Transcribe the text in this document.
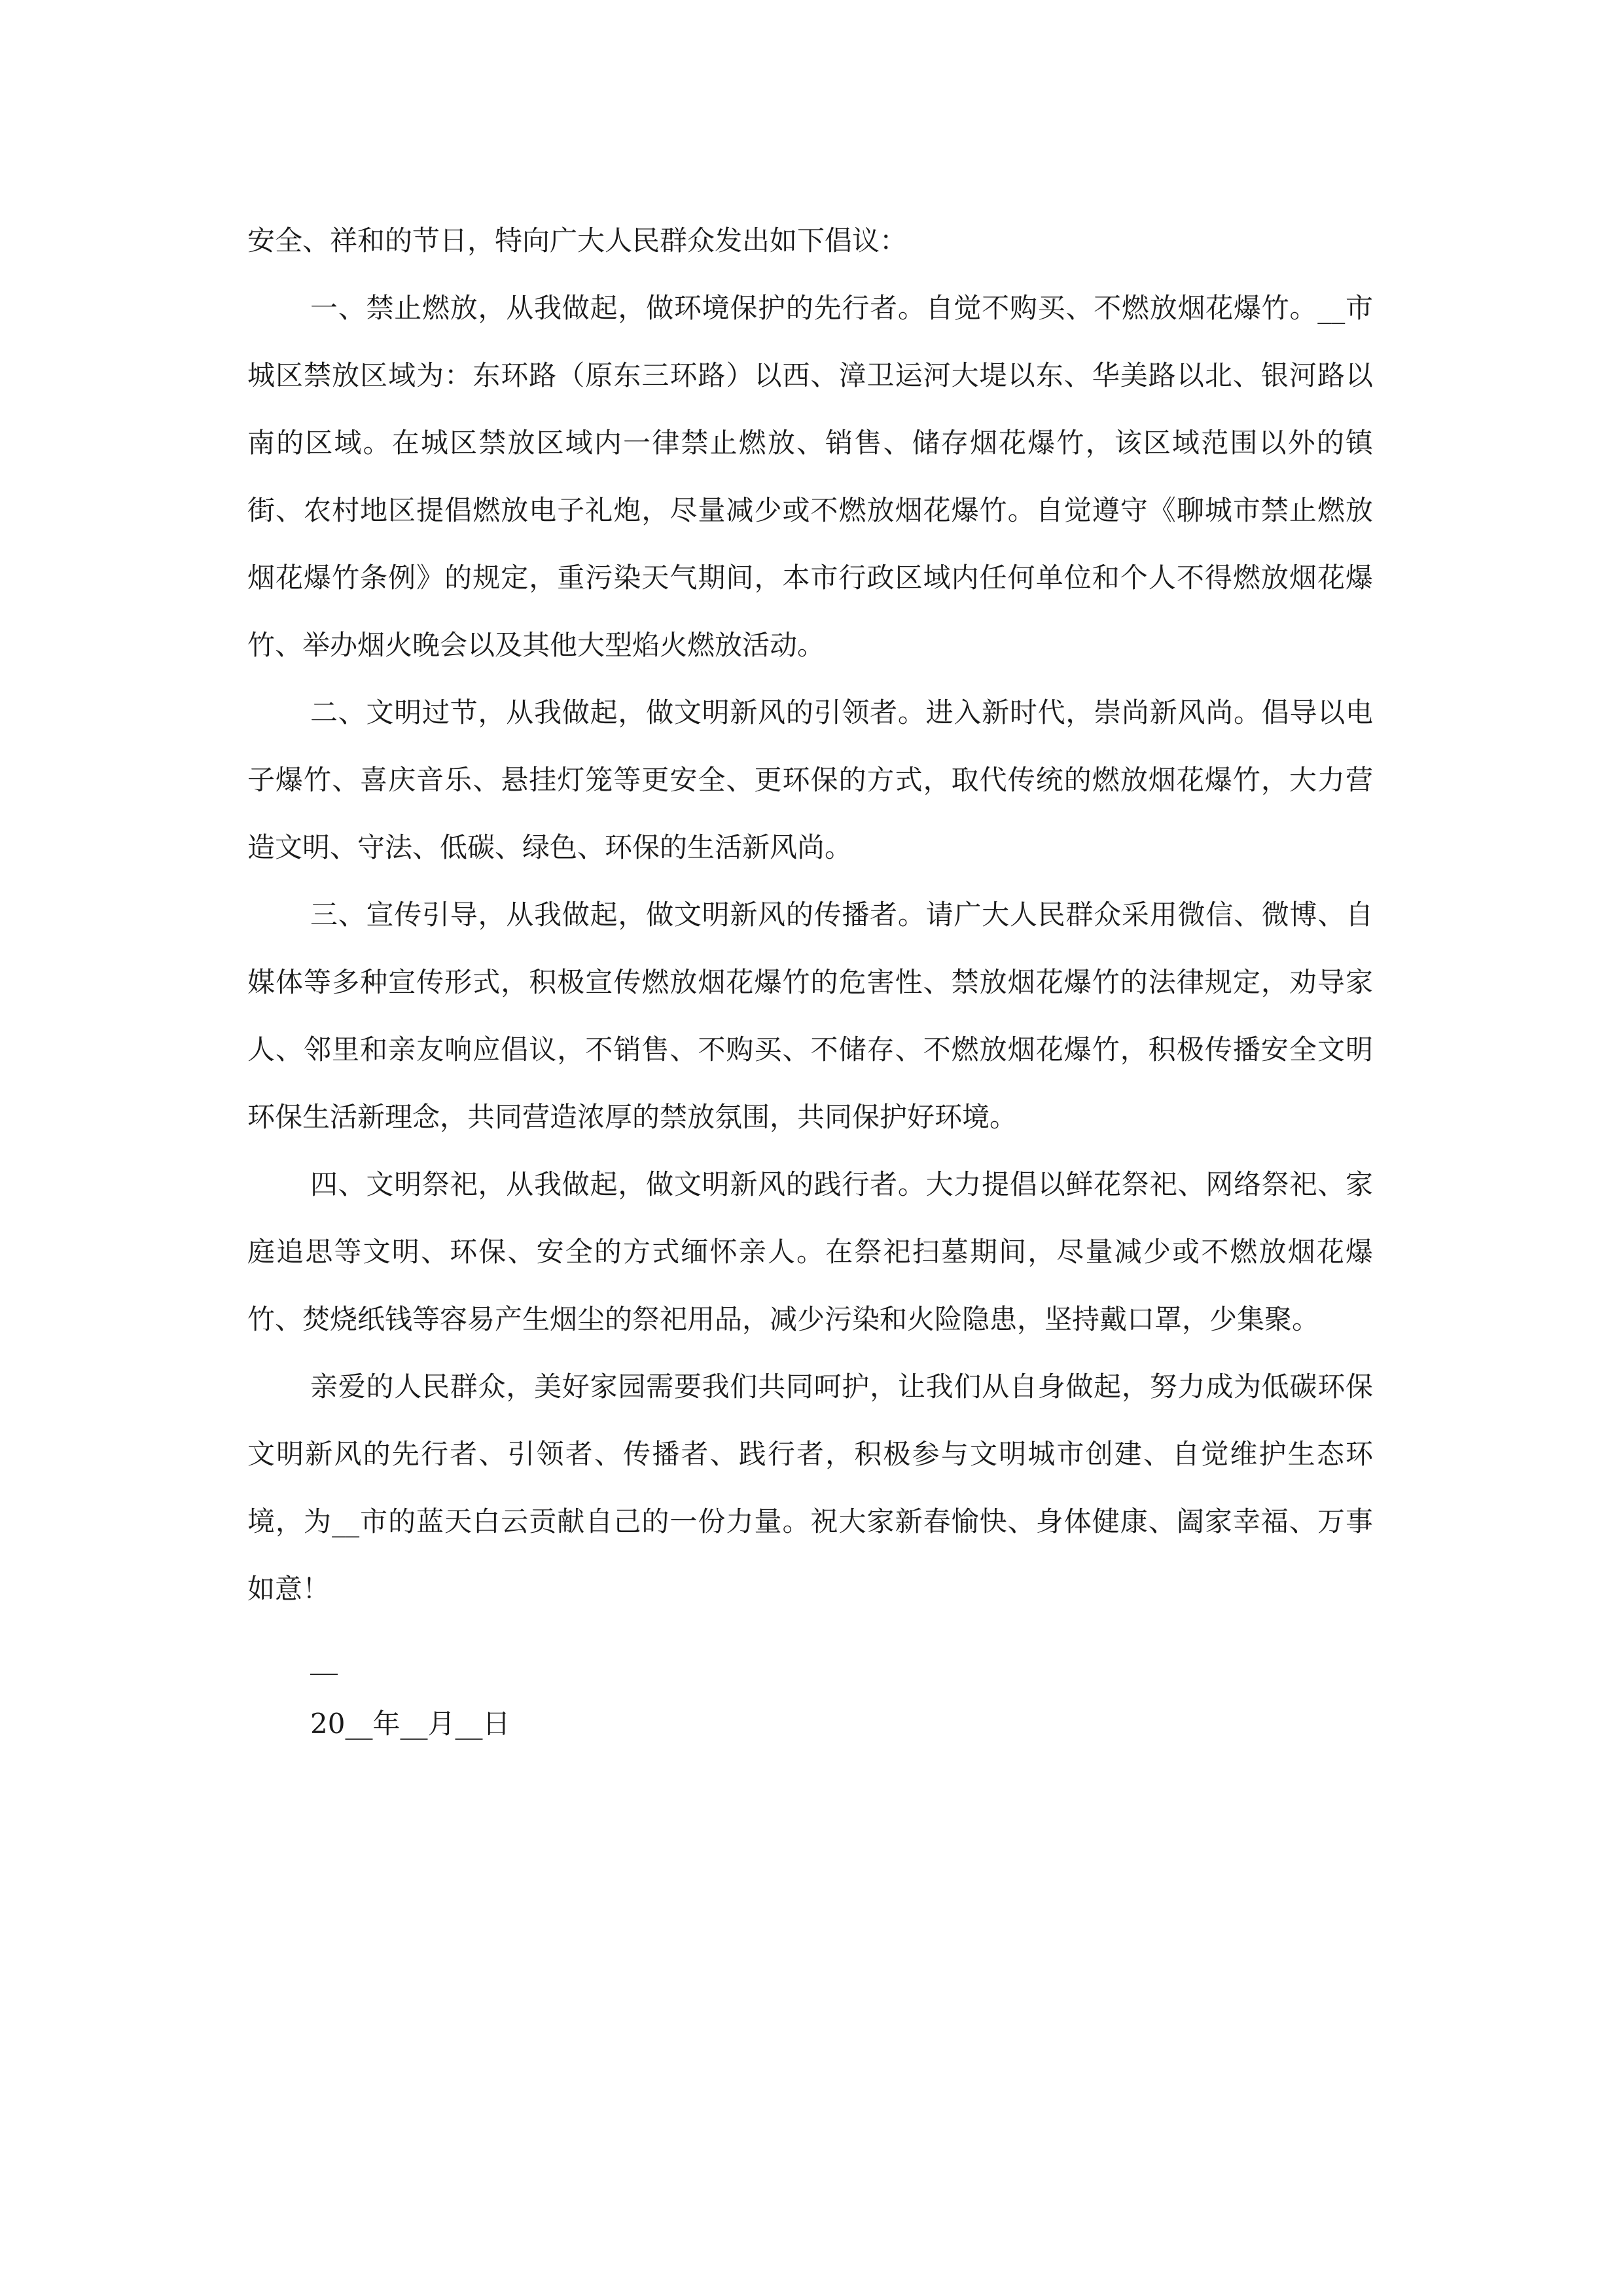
安全、祥和的节日，特向广大人民群众发出如下倡议：

一、禁止燃放，从我做起，做环境保护的先行者。自觉不购买、不燃放烟花爆竹。__市城区禁放区域为：东环路（原东三环路）以西、漳卫运河大堤以东、华美路以北、银河路以南的区域。在城区禁放区域内一律禁止燃放、销售、储存烟花爆竹，该区域范围以外的镇街、农村地区提倡燃放电子礼炮，尽量减少或不燃放烟花爆竹。自觉遵守《聊城市禁止燃放烟花爆竹条例》的规定，重污染天气期间，本市行政区域内任何单位和个人不得燃放烟花爆竹、举办烟火晚会以及其他大型焰火燃放活动。

二、文明过节，从我做起，做文明新风的引领者。进入新时代，崇尚新风尚。倡导以电子爆竹、喜庆音乐、悬挂灯笼等更安全、更环保的方式，取代传统的燃放烟花爆竹，大力营造文明、守法、低碳、绿色、环保的生活新风尚。

三、宣传引导，从我做起，做文明新风的传播者。请广大人民群众采用微信、微博、自媒体等多种宣传形式，积极宣传燃放烟花爆竹的危害性、禁放烟花爆竹的法律规定，劝导家人、邻里和亲友响应倡议，不销售、不购买、不储存、不燃放烟花爆竹，积极传播安全文明环保生活新理念，共同营造浓厚的禁放氛围，共同保护好环境。

四、文明祭祀，从我做起，做文明新风的践行者。大力提倡以鲜花祭祀、网络祭祀、家庭追思等文明、环保、安全的方式缅怀亲人。在祭祀扫墓期间，尽量减少或不燃放烟花爆竹、焚烧纸钱等容易产生烟尘的祭祀用品，减少污染和火险隐患，坚持戴口罩，少集聚。

亲爱的人民群众，美好家园需要我们共同呵护，让我们从自身做起，努力成为低碳环保文明新风的先行者、引领者、传播者、践行者，积极参与文明城市创建、自觉维护生态环境，为__市的蓝天白云贡献自己的一份力量。祝大家新春愉快、身体健康、阖家幸福、万事如意！

__

20__年__月__日
